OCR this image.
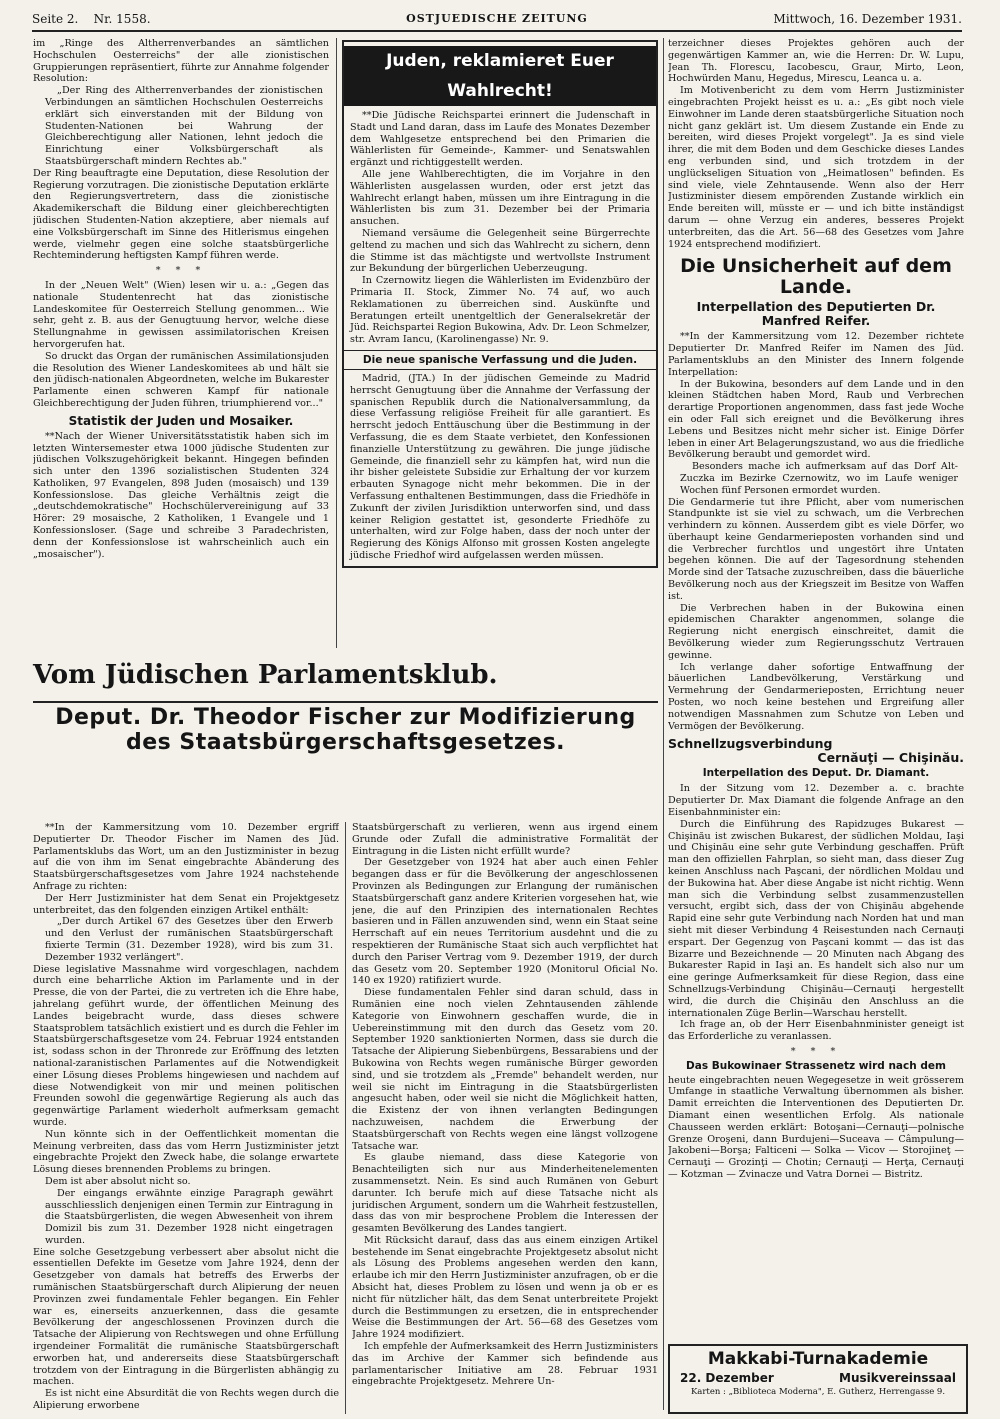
Seite 2. Nr. 1558.	OSTJUEDISCHE ZEITUNG	Mittwoch, 16. Dezember 1931.

im „Ringe des Altherrenverbandes an sämtlichen Hochschulen Oesterreichs" der alle zionistischen Gruppierungen repräsentiert, führte zur Annahme folgender Resolution:

„Der Ring des Altherrenverbandes der zionistischen Verbindungen an sämtlichen Hochschulen Oesterreichs erklärt sich einverstanden mit der Bildung von Studenten-Nationen bei Wahrung der Gleichberechtigung aller Nationen, lehnt jedoch die Einrichtung einer Volksbürgerschaft als Staatsbürgerschaft mindern Rechtes ab."

Der Ring beauftragte eine Deputation, diese Resolution der Regierung vorzutragen. Die zionistische Deputation erklärte den Regierungsvertretern, dass die zionistische Akademikerschaft die Bildung einer gleichberechtigten jüdischen Studenten-Nation akzeptiere, aber niemals auf eine Volksbürgerschaft im Sinne des Hitlerismus eingehen werde, vielmehr gegen eine solche staatsbürgerliche Rechteminderung heftigsten Kampf führen werde.

* * *

In der „Neuen Welt" (Wien) lesen wir u. a.: „Gegen das nationale Studentenrecht hat das zionistische Landeskomitee für Oesterreich Stellung genommen... Wie sehr, geht z. B. aus der Genugtuung hervor, welche diese Stellungnahme in gewissen assimilatorischen Kreisen hervorgerufen hat.

So druckt das Organ der rumänischen Assimilationsjuden die Resolution des Wiener Landeskomitees ab und hält sie den jüdisch-nationalen Abgeordneten, welche im Bukarester Parlamente einen schweren Kampf für nationale Gleichberechtigung der Juden führen, triumphierend vor..."

Statistik der Juden und Mosaiker.

**Nach der Wiener Universitätsstatistik haben sich im letzten Wintersemester etwa 1000 jüdische Studenten zur jüdischen Volkszugehörigkeit bekannt. Hingegen befinden sich unter den 1396 sozialistischen Studenten 324 Katholiken, 97 Evangelen, 898 Juden (mosaisch) und 139 Konfessionslose. Das gleiche Verhältnis zeigt die „deutschdemokratische" Hochschülervereinigung auf 33 Hörer: 29 mosaische, 2 Katholiken, 1 Evangele und 1 Konfessionsloser. (Sage und schreibe 3 Paradechristen, denn der Konfessionslose ist wahrscheinlich auch ein „mosaischer").

Juden, reklamieret Euer Wahlrecht!

**Die Jüdische Reichspartei erinnert die Judenschaft in Stadt und Land daran, dass im Laufe des Monates Dezember dem Wahlgesetze entsprechend bei den Primarien die Wählerlisten für Gemeinde-, Kammer- und Senatswahlen ergänzt und richtiggestellt werden.

Alle jene Wahlberechtigten, die im Vorjahre in den Wählerlisten ausgelassen wurden, oder erst jetzt das Wahlrecht erlangt haben, müssen um ihre Eintragung in die Wählerlisten bis zum 31. Dezember bei der Primaria ansuchen.

Niemand versäume die Gelegenheit seine Bürgerrechte geltend zu machen und sich das Wahlrecht zu sichern, denn die Stimme ist das mächtigste und wertvollste Instrument zur Bekundung der bürgerlichen Ueberzeugung.

In Czernowitz liegen die Wählerlisten im Evidenzbüro der Primaria II. Stock, Zimmer No. 74 auf, wo auch Reklamationen zu überreichen sind. Auskünfte und Beratungen erteilt unentgeltlich der Generalsekretär der Jüd. Reichspartei Region Bukowina, Adv. Dr. Leon Schmelzer, str. Avram Iancu, (Karolinengasse) Nr. 9.

Die neue spanische Verfassung und die Juden.

Madrid, (JTA.) In der jüdischen Gemeinde zu Madrid herrscht Genugtuung über die Annahme der Verfassung der spanischen Republik durch die Nationalversammlung, da diese Verfassung religiöse Freiheit für alle garantiert. Es herrscht jedoch Enttäuschung über die Bestimmung in der Verfassung, die es dem Staate verbietet, den Konfessionen finanzielle Unterstützung zu gewähren. Die junge jüdische Gemeinde, die finanziell sehr zu kämpfen hat, wird nun die ihr bisher geleistete Subsidie zur Erhaltung der vor kurzem erbauten Synagoge nicht mehr bekommen. Die in der Verfassung enthaltenen Bestimmungen, dass die Friedhöfe in Zukunft der zivilen Jurisdiktion unterworfen sind, und dass keiner Religion gestattet ist, gesonderte Friedhöfe zu unterhalten, wird zur Folge haben, dass der noch unter der Regierung des Königs Alfonso mit grossen Kosten angelegte jüdische Friedhof wird aufgelassen werden müssen.

terzeichner dieses Projektes gehören auch der gegenwärtigen Kammer an, wie die Herren: Dr. W. Lupu, Jean Th. Florescu, Iacobescu, Graur, Mirto, Leon, Hochwürden Manu, Hegedus, Mirescu, Leanca u. a.

Im Motivenbericht zu dem vom Herrn Justizminister eingebrachten Projekt heisst es u. a.: „Es gibt noch viele Einwohner im Lande deren staatsbürgerliche Situation noch nicht ganz geklärt ist. Um diesem Zustande ein Ende zu bereiten, wird dieses Projekt vorgelegt". Ja es sind viele ihrer, die mit dem Boden und dem Geschicke dieses Landes eng verbunden sind, und sich trotzdem in der unglückseligen Situation von „Heimatlosen" befinden. Es sind viele, viele Zehntausende. Wenn also der Herr Justizminister diesem empörenden Zustande wirklich ein Ende bereiten will, müsste er — und ich bitte inständigst darum — ohne Verzug ein anderes, besseres Projekt unterbreiten, das die Art. 56—68 des Gesetzes vom Jahre 1924 entsprechend modifiziert.

Die Unsicherheit auf dem Lande.
Interpellation des Deputierten Dr. Manfred Reifer.

**In der Kammersitzung vom 12. Dezember richtete Deputierter Dr. Manfred Reifer im Namen des Jüd. Parlamentsklubs an den Minister des Innern folgende Interpellation:

In der Bukowina, besonders auf dem Lande und in den kleinen Städtchen haben Mord, Raub und Verbrechen derartige Proportionen angenommen, dass fast jede Woche ein oder Fall sich ereignet und die Bevölkerung ihres Lebens und Besitzes nicht mehr sicher ist. Einige Dörfer leben in einer Art Belagerungszustand, wo aus die friedliche Bevölkerung beraubt und gemordet wird.

Besonders mache ich aufmerksam auf das Dorf Alt-Zuczka im Bezirke Czernowitz, wo im Laufe weniger Wochen fünf Personen ermordet wurden.

Die Gendarmerie tut ihre Pflicht, aber vom numerischen Standpunkte ist sie viel zu schwach, um die Verbrechen verhindern zu können. Ausserdem gibt es viele Dörfer, wo überhaupt keine Gendarmerieposten vorhanden sind und die Verbrecher furchtlos und ungestört ihre Untaten begehen können. Die auf der Tagesordnung stehenden Morde sind der Tatsache zuzuschreiben, dass die bäuerliche Bevölkerung noch aus der Kriegszeit im Besitze von Waffen ist.

Die Verbrechen haben in der Bukowina einen epidemischen Charakter angenommen, solange die Regierung nicht energisch einschreitet, damit die Bevölkerung wieder zum Regierungsschutz Vertrauen gewinne.

Ich verlange daher sofortige Entwaffnung der bäuerlichen Landbevölkerung, Verstärkung und Vermehrung der Gendarmerieposten, Errichtung neuer Posten, wo noch keine bestehen und Ergreifung aller notwendigen Massnahmen zum Schutze von Leben und Vermögen der Bevölkerung.

Schnellzugsverbindung
Cernăuţi — Chişinău.
Interpellation des Deput. Dr. Diamant.

In der Sitzung vom 12. Dezember a. c. brachte Deputierter Dr. Max Diamant die folgende Anfrage an den Eisenbahnminister ein:

Durch die Einführung des Rapidzuges Bukarest — Chişinău ist zwischen Bukarest, der südlichen Moldau, Iaşi und Chişinău eine sehr gute Verbindung geschaffen. Prüft man den offiziellen Fahrplan, so sieht man, dass dieser Zug keinen Anschluss nach Paşcani, der nördlichen Moldau und der Bukowina hat. Aber diese Angabe ist nicht richtig. Wenn man sich die Verbindung selbst zusammenzustellen versucht, ergibt sich, dass der von Chişinău abgehende Rapid eine sehr gute Verbindung nach Norden hat und man sieht mit dieser Verbindung 4 Reisestunden nach Cernauţi erspart. Der Gegenzug von Paşcani kommt — das ist das Bizarre und Bezeichnende — 20 Minuten nach Abgang des Bukarester Rapid in Iaşi an. Es handelt sich also nur um eine geringe Aufmerksamkeit für diese Region, dass eine Schnellzugs-Verbindung Chişinău—Cernauţi hergestellt wird, die durch die Chişinău den Anschluss an die internationalen Züge Berlin—Warschau herstellt.

Ich frage an, ob der Herr Eisenbahnminister geneigt ist das Erforderliche zu veranlassen.

* * *
Das Bukowinaer Strassenetz wird nach dem

heute eingebrachten neuen Wegegesetze in weit grösserem Umfange in staatliche Verwaltung übernommen als bisher. Damit erreichten die Interventionen des Deputierten Dr. Diamant einen wesentlichen Erfolg. Als nationale Chausseen werden erklärt: Botoşani—Cernauţi—polnische Grenze Oroşeni, dann Burdujeni—Suceava — Câmpulung—Jakobeni—Borşa; Falticeni — Solka — Vicov — Storojineţ — Cernauţi — Grozinţi — Chotin; Cernauţi — Herţa, Cernauţi — Kotzman — Zvinacze und Vatra Dornei — Bistritz.

Vom Jüdischen Parlamentsklub.
Deput. Dr. Theodor Fischer zur Modifizierung des Staatsbürgerschaftsgesetzes.

**In der Kammersitzung vom 10. Dezember ergriff Deputierter Dr. Theodor Fischer im Namen des Jüd. Parlamentsklubs das Wort, um an den Justizminister in bezug auf die von ihm im Senat eingebrachte Abänderung des Staatsbürgerschaftsgesetzes vom Jahre 1924 nachstehende Anfrage zu richten:

Der Herr Justizminister hat dem Senat ein Projektgesetz unterbreitet, das den folgenden einzigen Artikel enthält:

„Der durch Artikel 67 des Gesetzes über den Erwerb und den Verlust der rumänischen Staatsbürgerschaft fixierte Termin (31. Dezember 1928), wird bis zum 31. Dezember 1932 verlängert".

Diese legislative Massnahme wird vorgeschlagen, nachdem durch eine beharrliche Aktion im Parlamente und in der Presse, die von der Partei, die zu vertreten ich die Ehre habe, jahrelang geführt wurde, der öffentlichen Meinung des Landes beigebracht wurde, dass dieses schwere Staatsproblem tatsächlich existiert und es durch die Fehler im Staatsbürgerschaftsgesetze vom 24. Februar 1924 entstanden ist, sodass schon in der Thronrede zur Eröffnung des letzten national-zaranistischen Parlamentes auf die Notwendigkeit einer Lösung dieses Problems hingewiesen und nachdem auf diese Notwendigkeit von mir und meinen politischen Freunden sowohl die gegenwärtige Regierung als auch das gegenwärtige Parlament wiederholt aufmerksam gemacht wurde.

Nun könnte sich in der Oeffentlichkeit momentan die Meinung verbreiten, dass das vom Herrn Justizminister jetzt eingebrachte Projekt den Zweck habe, die solange erwartete Lösung dieses brennenden Problems zu bringen.

Dem ist aber absolut nicht so.

Der eingangs erwähnte einzige Paragraph gewährt ausschliesslich denjenigen einen Termin zur Eintragung in die Staatsbürgerlisten, die wegen Abwesenheit von ihrem Domizil bis zum 31. Dezember 1928 nicht eingetragen wurden.

Eine solche Gesetzgebung verbessert aber absolut nicht die essentiellen Defekte im Gesetze vom Jahre 1924, denn der Gesetzgeber von damals hat betreffs des Erwerbs der rumänischen Staatsbürgerschaft durch Alipierung der neuen Provinzen zwei fundamentale Fehler begangen. Ein Fehler war es, einerseits anzuerkennen, dass die gesamte Bevölkerung der angeschlossenen Provinzen durch die Tatsache der Alipierung von Rechtswegen und ohne Erfüllung irgendeiner Formalität die rumänische Staatsbürgerschaft erworben hat, und andererseits diese Staatsbürgerschaft trotzdem von der Eintragung in die Bürgerlisten abhängig zu machen.

Es ist nicht eine Absurdität die von Rechts wegen durch die Alipierung erworbene

Staatsbürgerschaft zu verlieren, wenn aus irgend einem Grunde oder Zufall die administrative Formalität der Eintragung in die Listen nicht erfüllt wurde?

Der Gesetzgeber von 1924 hat aber auch einen Fehler begangen dass er für die Bevölkerung der angeschlossenen Provinzen als Bedingungen zur Erlangung der rumänischen Staatsbürgerschaft ganz andere Kriterien vorgesehen hat, wie jene, die auf den Prinzipien des internationalen Rechtes basieren und in Fällen anzuwenden sind, wenn ein Staat seine Herrschaft auf ein neues Territorium ausdehnt und die zu respektieren der Rumänische Staat sich auch verpflichtet hat durch den Pariser Vertrag vom 9. Dezember 1919, der durch das Gesetz vom 20. September 1920 (Monitorul Oficial No. 140 ex 1920) ratifiziert wurde.

Diese fundamentalen Fehler sind daran schuld, dass in Rumänien eine noch vielen Zehntausenden zählende Kategorie von Einwohnern geschaffen wurde, die in Uebereinstimmung mit den durch das Gesetz vom 20. September 1920 sanktionierten Normen, dass sie durch die Tatsache der Alipierung Siebenbürgens, Bessarabiens und der Bukowina von Rechts wegen rumänische Bürger geworden sind, und sie trotzdem als „Fremde" behandelt werden, nur weil sie nicht im Eintragung in die Staatsbürgerlisten angesucht haben, oder weil sie nicht die Möglichkeit hatten, die Existenz der von ihnen verlangten Bedingungen nachzuweisen, nachdem die Erwerbung der Staatsbürgerschaft von Rechts wegen eine längst vollzogene Tatsache war.

Es glaube niemand, dass diese Kategorie von Benachteiligten sich nur aus Minderheitenelementen zusammensetzt. Nein. Es sind auch Rumänen von Geburt darunter. Ich berufe mich auf diese Tatsache nicht als juridischen Argument, sondern um die Wahrheit festzustellen, dass das von mir besprochene Problem die Interessen der gesamten Bevölkerung des Landes tangiert.

Mit Rücksicht darauf, dass das aus einem einzigen Artikel bestehende im Senat eingebrachte Projektgesetz absolut nicht als Lösung des Problems angesehen werden den kann, erlaube ich mir den Herrn Justizminister anzufragen, ob er die Absicht hat, dieses Problem zu lösen und wenn ja ob er es nicht für nützlicher hält, das dem Senat unterbreitete Projekt durch die Bestimmungen zu ersetzen, die in entsprechender Weise die Bestimmungen der Art. 56—68 des Gesetzes vom Jahre 1924 modifiziert.

Ich empfehle der Aufmerksamkeit des Herrn Justizministers das im Archive der Kammer sich befindende aus parlamentarischer Initiative am 28. Februar 1931 eingebrachte Projektgesetz. Mehrere Un-

Makkabi-Turnakademie
22. Dezember	Musikvereinssaal
Karten : „Biblioteca Moderna", E. Gutherz, Herrengasse 9.
